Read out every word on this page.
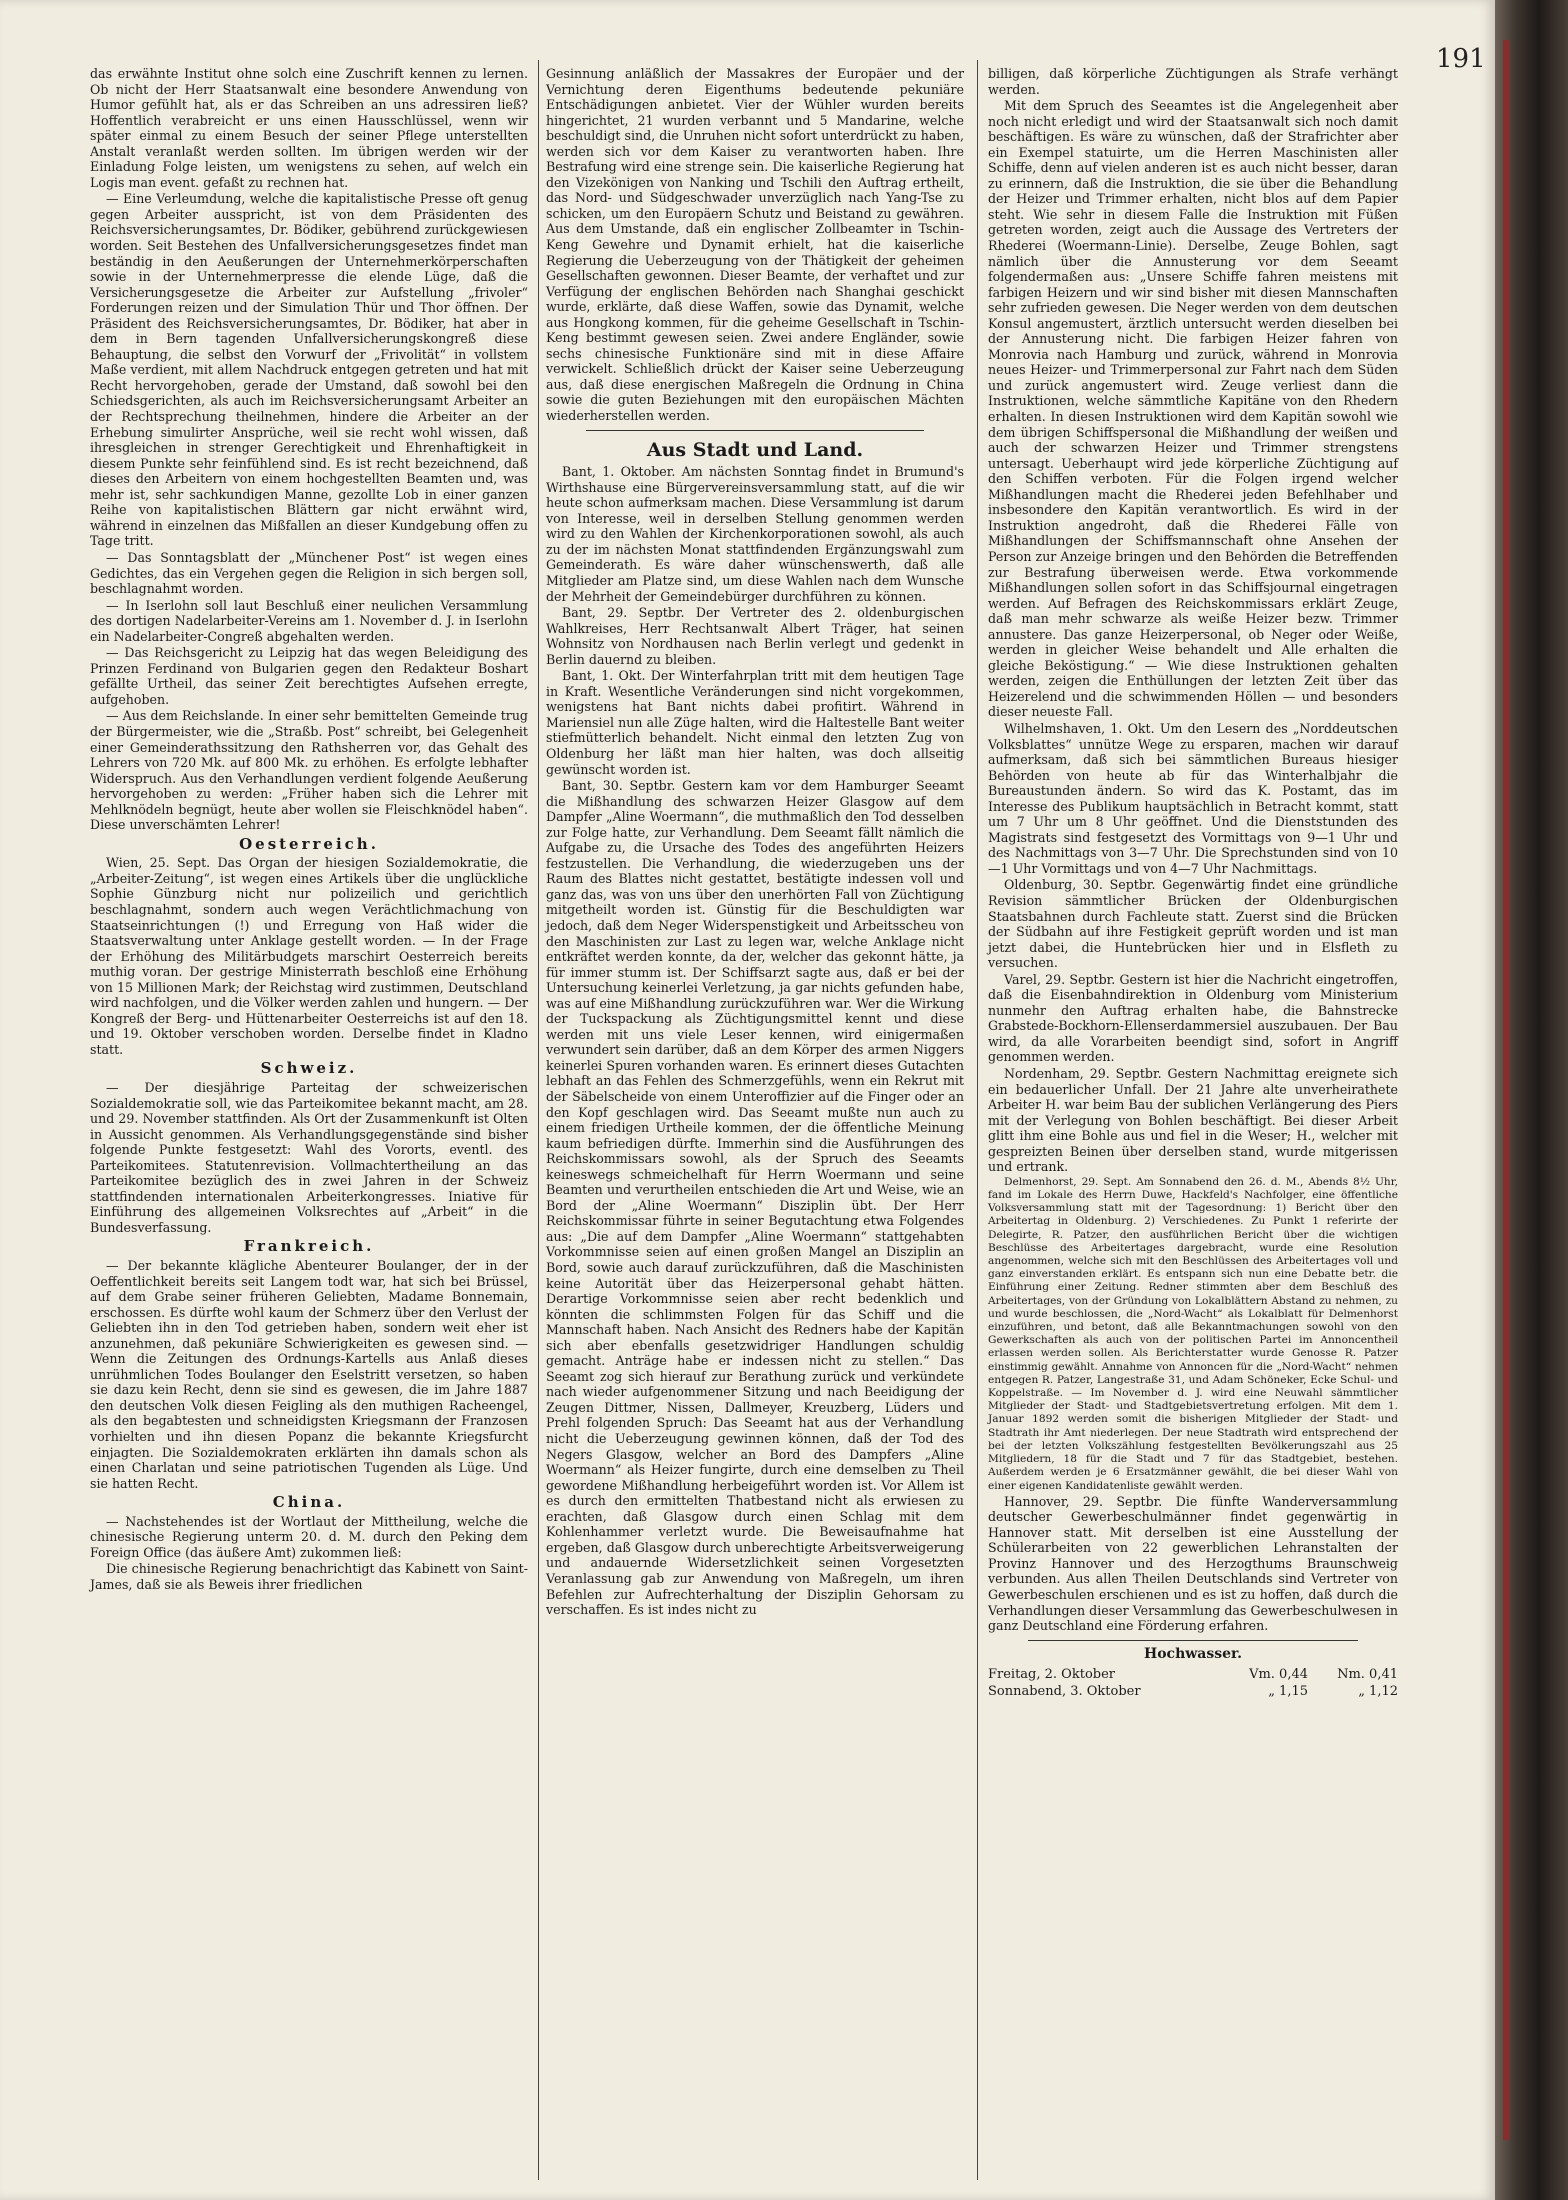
191

das erwähnte Institut ohne solch eine Zuschrift kennen zu lernen. Ob nicht der Herr Staatsanwalt eine besondere Anwendung von Humor gefühlt hat, als er das Schreiben an uns adressiren ließ? Hoffentlich verabreicht er uns einen Hausschlüssel, wenn wir später einmal zu einem Besuch der seiner Pflege unterstellten Anstalt veranlaßt werden sollten. Im übrigen werden wir der Einladung Folge leisten, um wenigstens zu sehen, auf welch ein Logis man event. gefaßt zu rechnen hat.

— Eine Verleumdung, welche die kapitalistische Presse oft genug gegen Arbeiter ausspricht, ist von dem Präsidenten des Reichsversicherungsamtes, Dr. Bödiker, gebührend zurückgewiesen worden. Seit Bestehen des Unfallversicherungsgesetzes findet man beständig in den Aeußerungen der Unternehmerkörperschaften sowie in der Unternehmerpresse die elende Lüge, daß die Versicherungsgesetze die Arbeiter zur Aufstellung „frivoler“ Forderungen reizen und der Simulation Thür und Thor öffnen. Der Präsident des Reichsversicherungsamtes, Dr. Bödiker, hat aber in dem in Bern tagenden Unfallversicherungskongreß diese Behauptung, die selbst den Vorwurf der „Frivolität“ in vollstem Maße verdient, mit allem Nachdruck entgegen getreten und hat mit Recht hervorgehoben, gerade der Umstand, daß sowohl bei den Schiedsgerichten, als auch im Reichsversicherungsamt Arbeiter an der Rechtsprechung theilnehmen, hindere die Arbeiter an der Erhebung simulirter Ansprüche, weil sie recht wohl wissen, daß ihresgleichen in strenger Gerechtigkeit und Ehrenhaftigkeit in diesem Punkte sehr feinfühlend sind. Es ist recht bezeichnend, daß dieses den Arbeitern von einem hochgestellten Beamten und, was mehr ist, sehr sachkundigen Manne, gezollte Lob in einer ganzen Reihe von kapitalistischen Blättern gar nicht erwähnt wird, während in einzelnen das Mißfallen an dieser Kundgebung offen zu Tage tritt.

— Das Sonntagsblatt der „Münchener Post“ ist wegen eines Gedichtes, das ein Vergehen gegen die Religion in sich bergen soll, beschlagnahmt worden.

— In Iserlohn soll laut Beschluß einer neulichen Versammlung des dortigen Nadelarbeiter-Vereins am 1. November d. J. in Iserlohn ein Nadelarbeiter-Congreß abgehalten werden.

— Das Reichsgericht zu Leipzig hat das wegen Beleidigung des Prinzen Ferdinand von Bulgarien gegen den Redakteur Boshart gefällte Urtheil, das seiner Zeit berechtigtes Aufsehen erregte, aufgehoben.

— Aus dem Reichslande. In einer sehr bemittelten Gemeinde trug der Bürgermeister, wie die „Straßb. Post“ schreibt, bei Gelegenheit einer Gemeinderathssitzung den Rathsherren vor, das Gehalt des Lehrers von 720 Mk. auf 800 Mk. zu erhöhen. Es erfolgte lebhafter Widerspruch. Aus den Verhandlungen verdient folgende Aeußerung hervorgehoben zu werden: „Früher haben sich die Lehrer mit Mehlknödeln begnügt, heute aber wollen sie Fleischknödel haben“. Diese unverschämten Lehrer!

Oesterreich.

Wien, 25. Sept. Das Organ der hiesigen Sozialdemokratie, die „Arbeiter-Zeitung“, ist wegen eines Artikels über die unglückliche Sophie Günzburg nicht nur polizeilich und gerichtlich beschlagnahmt, sondern auch wegen Verächtlichmachung von Staatseinrichtungen (!) und Erregung von Haß wider die Staatsverwaltung unter Anklage gestellt worden. — In der Frage der Erhöhung des Militärbudgets marschirt Oesterreich bereits muthig voran. Der gestrige Ministerrath beschloß eine Erhöhung von 15 Millionen Mark; der Reichstag wird zustimmen, Deutschland wird nachfolgen, und die Völker werden zahlen und hungern. — Der Kongreß der Berg- und Hüttenarbeiter Oesterreichs ist auf den 18. und 19. Oktober verschoben worden. Derselbe findet in Kladno statt.

Schweiz.

— Der diesjährige Parteitag der schweizerischen Sozialdemokratie soll, wie das Parteikomitee bekannt macht, am 28. und 29. November stattfinden. Als Ort der Zusammenkunft ist Olten in Aussicht genommen. Als Verhandlungsgegenstände sind bisher folgende Punkte festgesetzt: Wahl des Vororts, eventl. des Parteikomitees. Statutenrevision. Vollmachtertheilung an das Parteikomitee bezüglich des in zwei Jahren in der Schweiz stattfindenden internationalen Arbeiterkongresses. Iniative für Einführung des allgemeinen Volksrechtes auf „Arbeit“ in die Bundesverfassung.

Frankreich.

— Der bekannte klägliche Abenteurer Boulanger, der in der Oeffentlichkeit bereits seit Langem todt war, hat sich bei Brüssel, auf dem Grabe seiner früheren Geliebten, Madame Bonnemain, erschossen. Es dürfte wohl kaum der Schmerz über den Verlust der Geliebten ihn in den Tod getrieben haben, sondern weit eher ist anzunehmen, daß pekuniäre Schwierigkeiten es gewesen sind. — Wenn die Zeitungen des Ordnungs-Kartells aus Anlaß dieses unrühmlichen Todes Boulanger den Eselstritt versetzen, so haben sie dazu kein Recht, denn sie sind es gewesen, die im Jahre 1887 den deutschen Volk diesen Feigling als den muthigen Racheengel, als den begabtesten und schneidigsten Kriegsmann der Franzosen vorhielten und ihn diesen Popanz die bekannte Kriegsfurcht einjagten. Die Sozialdemokraten erklärten ihn damals schon als einen Charlatan und seine patriotischen Tugenden als Lüge. Und sie hatten Recht.

China.

— Nachstehendes ist der Wortlaut der Mittheilung, welche die chinesische Regierung unterm 20. d. M. durch den Peking dem Foreign Office (das äußere Amt) zukommen ließ:

Die chinesische Regierung benachrichtigt das Kabinett von Saint-James, daß sie als Beweis ihrer friedlichen

Gesinnung anläßlich der Massakres der Europäer und der Vernichtung deren Eigenthums bedeutende pekuniäre Entschädigungen anbietet. Vier der Wühler wurden bereits hingerichtet, 21 wurden verbannt und 5 Mandarine, welche beschuldigt sind, die Unruhen nicht sofort unterdrückt zu haben, werden sich vor dem Kaiser zu verantworten haben. Ihre Bestrafung wird eine strenge sein. Die kaiserliche Regierung hat den Vizekönigen von Nanking und Tschili den Auftrag ertheilt, das Nord- und Südgeschwader unverzüglich nach Yang-Tse zu schicken, um den Europäern Schutz und Beistand zu gewähren. Aus dem Umstande, daß ein englischer Zollbeamter in Tschin-Keng Gewehre und Dynamit erhielt, hat die kaiserliche Regierung die Ueberzeugung von der Thätigkeit der geheimen Gesellschaften gewonnen. Dieser Beamte, der verhaftet und zur Verfügung der englischen Behörden nach Shanghai geschickt wurde, erklärte, daß diese Waffen, sowie das Dynamit, welche aus Hongkong kommen, für die geheime Gesellschaft in Tschin-Keng bestimmt gewesen seien. Zwei andere Engländer, sowie sechs chinesische Funktionäre sind mit in diese Affaire verwickelt. Schließlich drückt der Kaiser seine Ueberzeugung aus, daß diese energischen Maßregeln die Ordnung in China sowie die guten Beziehungen mit den europäischen Mächten wiederherstellen werden.

Aus Stadt und Land.

Bant, 1. Oktober. Am nächsten Sonntag findet in Brumund's Wirthshause eine Bürgervereinsversammlung statt, auf die wir heute schon aufmerksam machen. Diese Versammlung ist darum von Interesse, weil in derselben Stellung genommen werden wird zu den Wahlen der Kirchenkorporationen sowohl, als auch zu der im nächsten Monat stattfindenden Ergänzungswahl zum Gemeinderath. Es wäre daher wünschenswerth, daß alle Mitglieder am Platze sind, um diese Wahlen nach dem Wunsche der Mehrheit der Gemeindebürger durchführen zu können.

Bant, 29. Septbr. Der Vertreter des 2. oldenburgischen Wahlkreises, Herr Rechtsanwalt Albert Träger, hat seinen Wohnsitz von Nordhausen nach Berlin verlegt und gedenkt in Berlin dauernd zu bleiben.

Bant, 1. Okt. Der Winterfahrplan tritt mit dem heutigen Tage in Kraft. Wesentliche Veränderungen sind nicht vorgekommen, wenigstens hat Bant nichts dabei profitirt. Während in Mariensiel nun alle Züge halten, wird die Haltestelle Bant weiter stiefmütterlich behandelt. Nicht einmal den letzten Zug von Oldenburg her läßt man hier halten, was doch allseitig gewünscht worden ist.

Bant, 30. Septbr. Gestern kam vor dem Hamburger Seeamt die Mißhandlung des schwarzen Heizer Glasgow auf dem Dampfer „Aline Woermann“, die muthmaßlich den Tod desselben zur Folge hatte, zur Verhandlung. Dem Seeamt fällt nämlich die Aufgabe zu, die Ursache des Todes des angeführten Heizers festzustellen. Die Verhandlung, die wiederzugeben uns der Raum des Blattes nicht gestattet, bestätigte indessen voll und ganz das, was von uns über den unerhörten Fall von Züchtigung mitgetheilt worden ist. Günstig für die Beschuldigten war jedoch, daß dem Neger Widerspenstigkeit und Arbeitsscheu von den Maschinisten zur Last zu legen war, welche Anklage nicht entkräftet werden konnte, da der, welcher das gekonnt hätte, ja für immer stumm ist. Der Schiffsarzt sagte aus, daß er bei der Untersuchung keinerlei Verletzung, ja gar nichts gefunden habe, was auf eine Mißhandlung zurückzuführen war. Wer die Wirkung der Tuckspackung als Züchtigungsmittel kennt und diese werden mit uns viele Leser kennen, wird einigermaßen verwundert sein darüber, daß an dem Körper des armen Niggers keinerlei Spuren vorhanden waren. Es erinnert dieses Gutachten lebhaft an das Fehlen des Schmerzgefühls, wenn ein Rekrut mit der Säbelscheide von einem Unteroffizier auf die Finger oder an den Kopf geschlagen wird. Das Seeamt mußte nun auch zu einem friedigen Urtheile kommen, der die öffentliche Meinung kaum befriedigen dürfte. Immerhin sind die Ausführungen des Reichskommissars sowohl, als der Spruch des Seeamts keineswegs schmeichelhaft für Herrn Woermann und seine Beamten und verurtheilen entschieden die Art und Weise, wie an Bord der „Aline Woermann“ Disziplin übt. Der Herr Reichskommissar führte in seiner Begutachtung etwa Folgendes aus: „Die auf dem Dampfer „Aline Woermann“ stattgehabten Vorkommnisse seien auf einen großen Mangel an Disziplin an Bord, sowie auch darauf zurückzuführen, daß die Maschinisten keine Autorität über das Heizerpersonal gehabt hätten. Derartige Vorkommnisse seien aber recht bedenklich und könnten die schlimmsten Folgen für das Schiff und die Mannschaft haben. Nach Ansicht des Redners habe der Kapitän sich aber ebenfalls gesetzwidriger Handlungen schuldig gemacht. Anträge habe er indessen nicht zu stellen.“ Das Seeamt zog sich hierauf zur Berathung zurück und verkündete nach wieder aufgenommener Sitzung und nach Beeidigung der Zeugen Dittmer, Nissen, Dallmeyer, Kreuzberg, Lüders und Prehl folgenden Spruch: Das Seeamt hat aus der Verhandlung nicht die Ueberzeugung gewinnen können, daß der Tod des Negers Glasgow, welcher an Bord des Dampfers „Aline Woermann“ als Heizer fungirte, durch eine demselben zu Theil gewordene Mißhandlung herbeigeführt worden ist. Vor Allem ist es durch den ermittelten Thatbestand nicht als erwiesen zu erachten, daß Glasgow durch einen Schlag mit dem Kohlenhammer verletzt wurde. Die Beweisaufnahme hat ergeben, daß Glasgow durch unberechtigte Arbeitsverweigerung und andauernde Widersetzlichkeit seinen Vorgesetzten Veranlassung gab zur Anwendung von Maßregeln, um ihren Befehlen zur Aufrechterhaltung der Disziplin Gehorsam zu verschaffen. Es ist indes nicht zu

billigen, daß körperliche Züchtigungen als Strafe verhängt werden.

Mit dem Spruch des Seeamtes ist die Angelegenheit aber noch nicht erledigt und wird der Staatsanwalt sich noch damit beschäftigen. Es wäre zu wünschen, daß der Strafrichter aber ein Exempel statuirte, um die Herren Maschinisten aller Schiffe, denn auf vielen anderen ist es auch nicht besser, daran zu erinnern, daß die Instruktion, die sie über die Behandlung der Heizer und Trimmer erhalten, nicht blos auf dem Papier steht. Wie sehr in diesem Falle die Instruktion mit Füßen getreten worden, zeigt auch die Aussage des Vertreters der Rhederei (Woermann-Linie). Derselbe, Zeuge Bohlen, sagt nämlich über die Annusterung vor dem Seeamt folgendermaßen aus: „Unsere Schiffe fahren meistens mit farbigen Heizern und wir sind bisher mit diesen Mannschaften sehr zufrieden gewesen. Die Neger werden von dem deutschen Konsul angemustert, ärztlich untersucht werden dieselben bei der Annusterung nicht. Die farbigen Heizer fahren von Monrovia nach Hamburg und zurück, während in Monrovia neues Heizer- und Trimmerpersonal zur Fahrt nach dem Süden und zurück angemustert wird. Zeuge verliest dann die Instruktionen, welche sämmtliche Kapitäne von den Rhedern erhalten. In diesen Instruktionen wird dem Kapitän sowohl wie dem übrigen Schiffspersonal die Mißhandlung der weißen und auch der schwarzen Heizer und Trimmer strengstens untersagt. Ueberhaupt wird jede körperliche Züchtigung auf den Schiffen verboten. Für die Folgen irgend welcher Mißhandlungen macht die Rhederei jeden Befehlhaber und insbesondere den Kapitän verantwortlich. Es wird in der Instruktion angedroht, daß die Rhederei Fälle von Mißhandlungen der Schiffsmannschaft ohne Ansehen der Person zur Anzeige bringen und den Behörden die Betreffenden zur Bestrafung überweisen werde. Etwa vorkommende Mißhandlungen sollen sofort in das Schiffsjournal eingetragen werden. Auf Befragen des Reichskommissars erklärt Zeuge, daß man mehr schwarze als weiße Heizer bezw. Trimmer annustere. Das ganze Heizerpersonal, ob Neger oder Weiße, werden in gleicher Weise behandelt und Alle erhalten die gleiche Beköstigung.“ — Wie diese Instruktionen gehalten werden, zeigen die Enthüllungen der letzten Zeit über das Heizerelend und die schwimmenden Höllen — und besonders dieser neueste Fall.

Wilhelmshaven, 1. Okt. Um den Lesern des „Norddeutschen Volksblattes“ unnütze Wege zu ersparen, machen wir darauf aufmerksam, daß sich bei sämmtlichen Bureaus hiesiger Behörden von heute ab für das Winterhalbjahr die Bureaustunden ändern. So wird das K. Postamt, das im Interesse des Publikum hauptsächlich in Betracht kommt, statt um 7 Uhr um 8 Uhr geöffnet. Und die Dienststunden des Magistrats sind festgesetzt des Vormittags von 9—1 Uhr und des Nachmittags von 3—7 Uhr. Die Sprechstunden sind von 10—1 Uhr Vormittags und von 4—7 Uhr Nachmittags.

Oldenburg, 30. Septbr. Gegenwärtig findet eine gründliche Revision sämmtlicher Brücken der Oldenburgischen Staatsbahnen durch Fachleute statt. Zuerst sind die Brücken der Südbahn auf ihre Festigkeit geprüft worden und ist man jetzt dabei, die Huntebrücken hier und in Elsfleth zu versuchen.

Varel, 29. Septbr. Gestern ist hier die Nachricht eingetroffen, daß die Eisenbahndirektion in Oldenburg vom Ministerium nunmehr den Auftrag erhalten habe, die Bahnstrecke Grabstede-Bockhorn-Ellenserdammersiel auszubauen. Der Bau wird, da alle Vorarbeiten beendigt sind, sofort in Angriff genommen werden.

Nordenham, 29. Septbr. Gestern Nachmittag ereignete sich ein bedauerlicher Unfall. Der 21 Jahre alte unverheirathete Arbeiter H. war beim Bau der sublichen Verlängerung des Piers mit der Verlegung von Bohlen beschäftigt. Bei dieser Arbeit glitt ihm eine Bohle aus und fiel in die Weser; H., welcher mit gespreizten Beinen über derselben stand, wurde mitgerissen und ertrank.

Delmenhorst, 29. Sept. Am Sonnabend den 26. d. M., Abends 8½ Uhr, fand im Lokale des Herrn Duwe, Hackfeld's Nachfolger, eine öffentliche Volksversammlung statt mit der Tagesordnung: 1) Bericht über den Arbeitertag in Oldenburg. 2) Verschiedenes. Zu Punkt 1 referirte der Delegirte, R. Patzer, den ausführlichen Bericht über die wichtigen Beschlüsse des Arbeitertages dargebracht, wurde eine Resolution angenommen, welche sich mit den Beschlüssen des Arbeitertages voll und ganz einverstanden erklärt. Es entspann sich nun eine Debatte betr. die Einführung einer Zeitung. Redner stimmten aber dem Beschluß des Arbeitertages, von der Gründung von Lokalblättern Abstand zu nehmen, zu und wurde beschlossen, die „Nord-Wacht“ als Lokalblatt für Delmenhorst einzuführen, und betont, daß alle Bekanntmachungen sowohl von den Gewerkschaften als auch von der politischen Partei im Annoncentheil erlassen werden sollen. Als Berichterstatter wurde Genosse R. Patzer einstimmig gewählt. Annahme von Annoncen für die „Nord-Wacht“ nehmen entgegen R. Patzer, Langestraße 31, und Adam Schöneker, Ecke Schul- und Koppelstraße. — Im November d. J. wird eine Neuwahl sämmtlicher Mitglieder der Stadt- und Stadtgebietsvertretung erfolgen. Mit dem 1. Januar 1892 werden somit die bisherigen Mitglieder der Stadt- und Stadtrath ihr Amt niederlegen. Der neue Stadtrath wird entsprechend der bei der letzten Volkszählung festgestellten Bevölkerungszahl aus 25 Mitgliedern, 18 für die Stadt und 7 für das Stadtgebiet, bestehen. Außerdem werden je 6 Ersatzmänner gewählt, die bei dieser Wahl von einer eigenen Kandidatenliste gewählt werden.

Hannover, 29. Septbr. Die fünfte Wanderversammlung deutscher Gewerbeschulmänner findet gegenwärtig in Hannover statt. Mit derselben ist eine Ausstellung der Schülerarbeiten von 22 gewerblichen Lehranstalten der Provinz Hannover und des Herzogthums Braunschweig verbunden. Aus allen Theilen Deutschlands sind Vertreter von Gewerbeschulen erschienen und es ist zu hoffen, daß durch die Verhandlungen dieser Versammlung das Gewerbeschulwesen in ganz Deutschland eine Förderung erfahren.

Hochwasser.
Freitag, 2. Oktober	Vm. 0,44	Nm. 0,41
Sonnabend, 3. Oktober	„ 1,15	„ 1,12
